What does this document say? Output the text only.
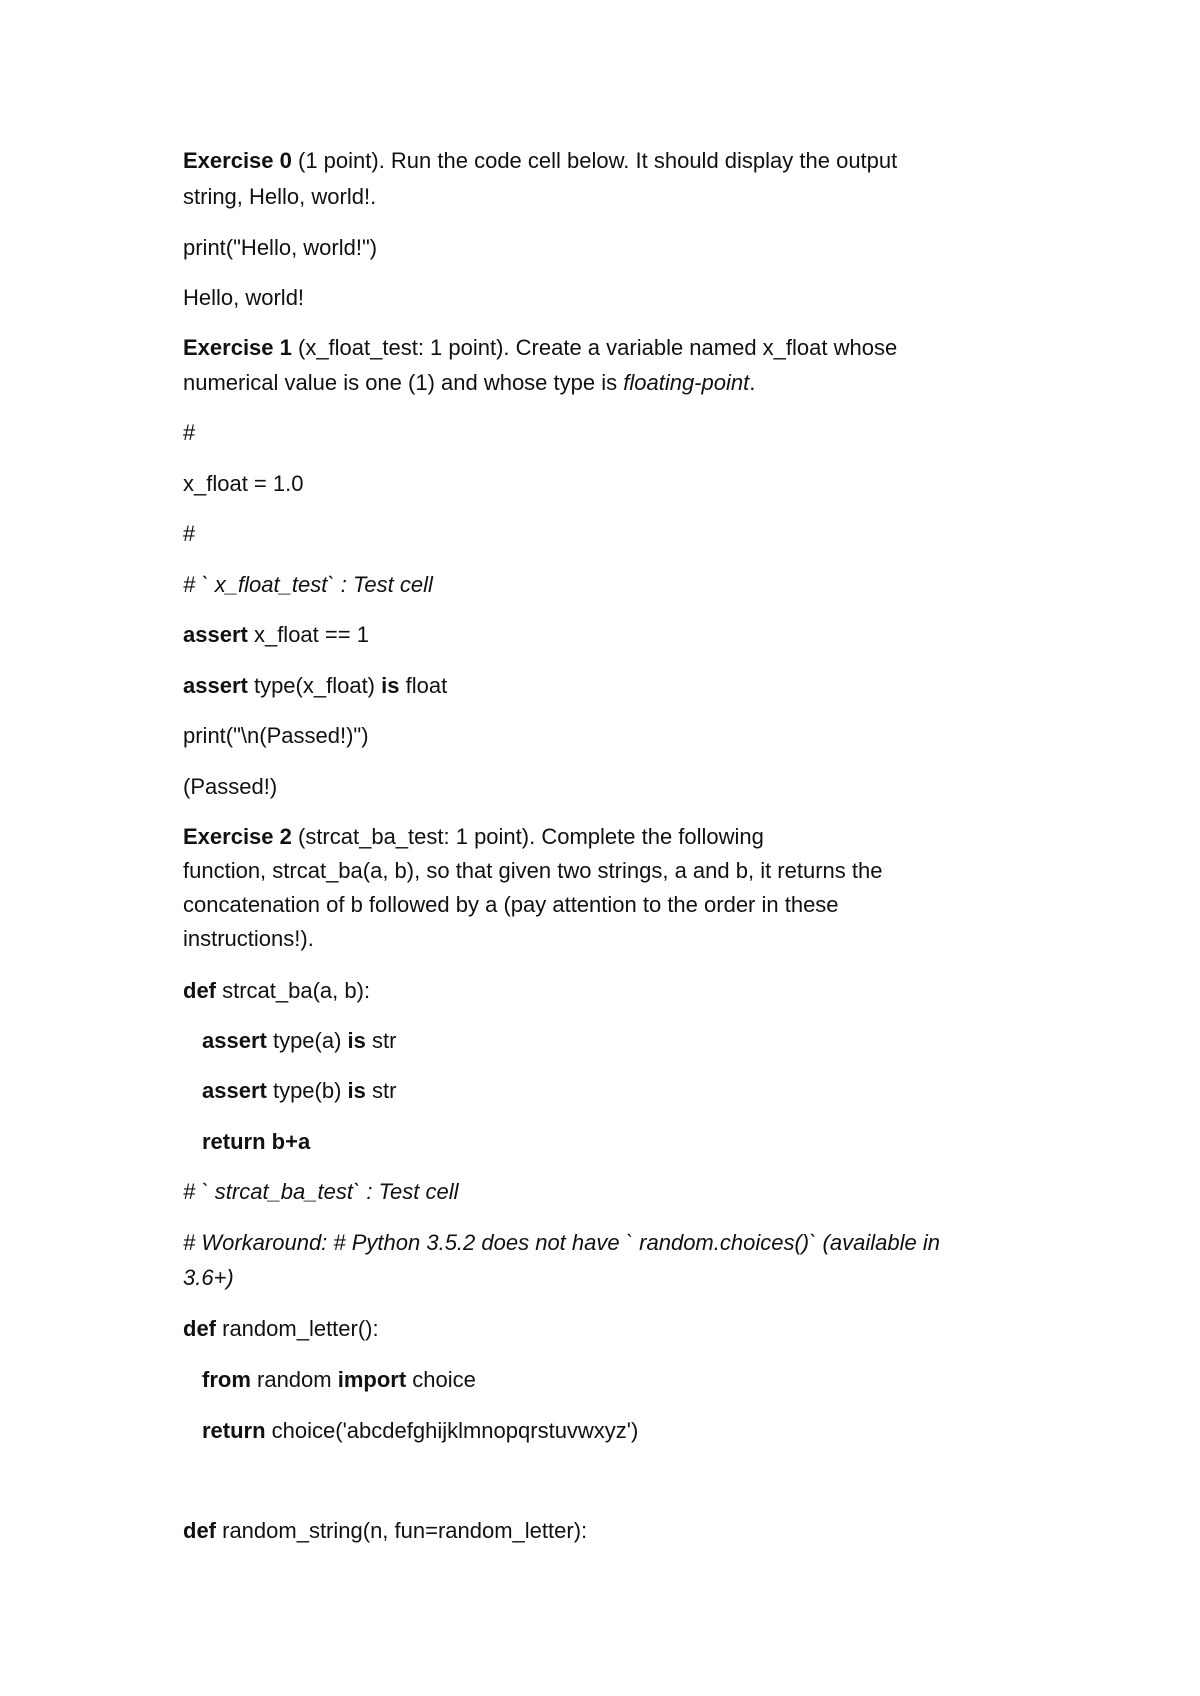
Exercise 0 (1 point). Run the code cell below. It should display the output
string, Hello, world!.
print("Hello, world!")
Hello, world!
Exercise 1 (x_float_test: 1 point). Create a variable named x_float whose
numerical value is one (1) and whose type is floating-point.
#
x_float = 1.0
#
# ` x_float_test` : Test cell
assert x_float == 1
assert type(x_float) is float
print("\n(Passed!)")
(Passed!)
Exercise 2 (strcat_ba_test: 1 point). Complete the following
function, strcat_ba(a, b), so that given two strings, a and b, it returns the
concatenation of b followed by a (pay attention to the order in these
instructions!).
def strcat_ba(a, b):
assert type(a) is str
assert type(b) is str
return b+a
# ` strcat_ba_test` : Test cell
# Workaround: # Python 3.5.2 does not have ` random.choices()` (available in
3.6+)
def random_letter():
from random import choice
return choice('abcdefghijklmnopqrstuvwxyz')
def random_string(n, fun=random_letter):
